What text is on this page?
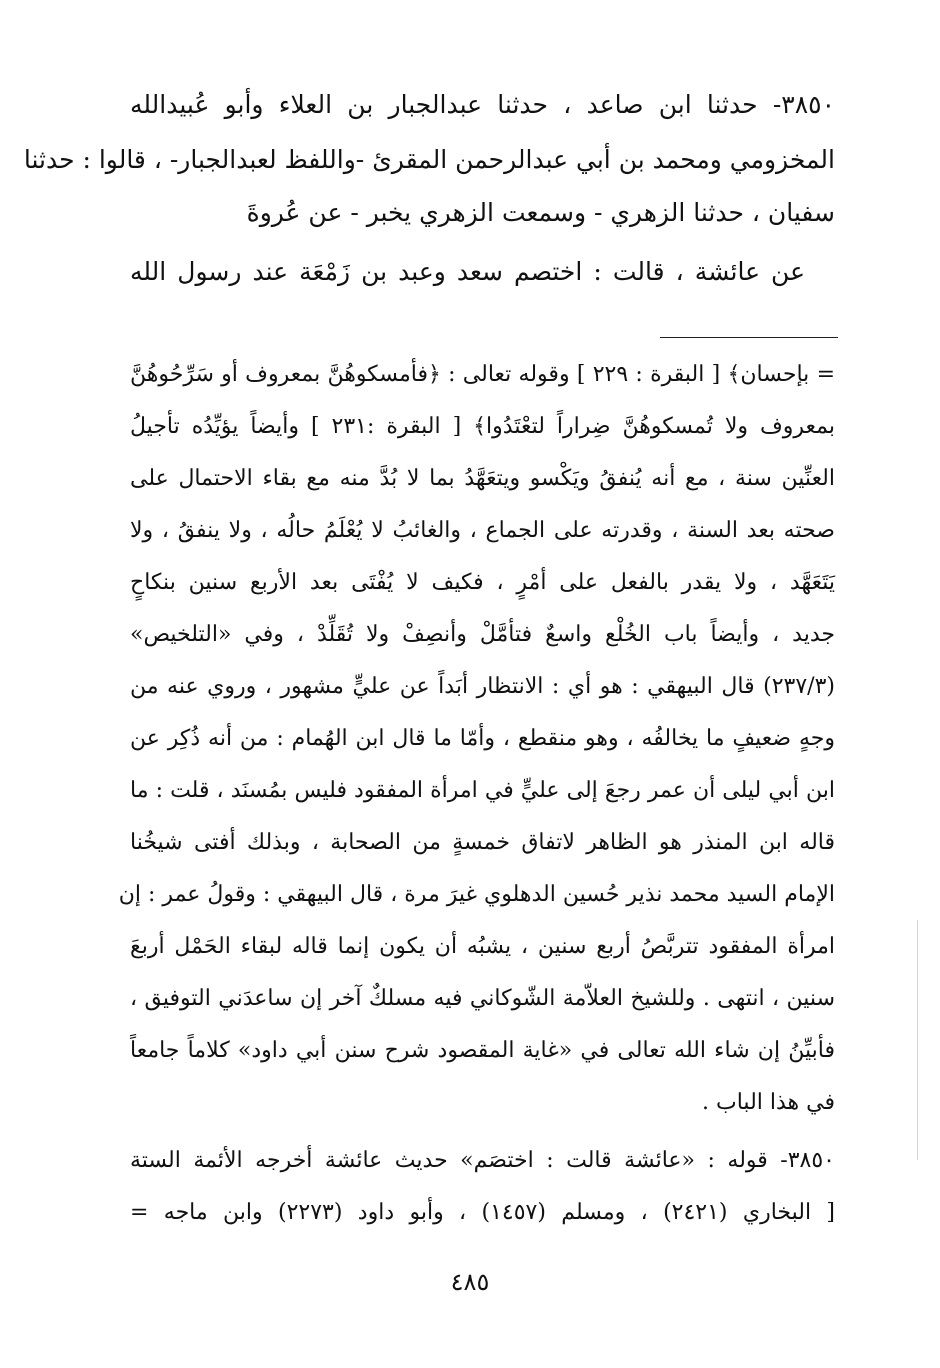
٣٨٥٠- حدثنا ابن صاعد ، حدثنا عبدالجبار بن العلاء وأبو عُبيدالله
المخزومي ومحمد بن أبي عبدالرحمن المقرئ -واللفظ لعبدالجبار- ، قالوا : حدثنا
سفيان ، حدثنا الزهري - وسمعت الزهري يخبر - عن عُروةَ
عن عائشة ، قالت : اختصم سعد وعبد بن زَمْعَة عند رسول الله
= بإحسان﴾ [ البقرة : ٢٢٩ ] وقوله تعالى : ﴿فأمسكوهُنَّ بمعروف أو سَرِّحُوهُنَّ
بمعروف ولا تُمسكوهُنَّ ضِراراً لتعْتَدُوا﴾ [ البقرة :٢٣١ ] وأيضاً يؤيِّدُه تأجيلُ
العنِّين سنة ، مع أنه يُنفقُ ويَكْسو ويتعَهَّدُ بما لا بُدَّ منه مع بقاء الاحتمال على
صحته بعد السنة ، وقدرته على الجماع ، والغائبُ لا يُعْلَمُ حالُه ، ولا ينفقُ ، ولا
يَتَعَهَّد ، ولا يقدر بالفعل على أمْرٍ ، فكيف لا يُفْتَى بعد الأربع سنين بنكاحٍ
جديد ، وأيضاً باب الخُلْع واسعٌ فتأمَّلْ وأنصِفْ ولا تُقَلِّدْ ، وفي «التلخيص»
(٢٣٧/٣) قال البيهقي : هو أي : الانتظار أبَداً عن عليٍّ مشهور ، وروي عنه من
وجهٍ ضعيفٍ ما يخالفُه ، وهو منقطع ، وأمّا ما قال ابن الهُمام : من أنه ذُكِر عن
ابن أبي ليلى أن عمر رجعَ إلى عليٍّ في امرأة المفقود فليس بمُسنَد ، قلت : ما
قاله ابن المنذر هو الظاهر لاتفاق خمسةٍ من الصحابة ، وبذلك أفتى شيخُنا
الإمام السيد محمد نذير حُسين الدهلوي غيرَ مرة ، قال البيهقي : وقولُ عمر : إن
امرأة المفقود تتربَّصُ أربع سنين ، يشبُه أن يكون إنما قاله لبقاء الحَمْل أربعَ
سنين ، انتهى . وللشيخ العلاّمة الشّوكاني فيه مسلكٌ آخر إن ساعدَني التوفيق ،
فأبيِّنُ إن شاء الله تعالى في «غاية المقصود شرح سنن أبي داود» كلاماً جامعاً
في هذا الباب .
٣٨٥٠- قوله : «عائشة قالت : اختصَم» حديث عائشة أخرجه الأئمة الستة
[ البخاري (٢٤٢١) ، ومسلم (١٤٥٧) ، وأبو داود (٢٢٧٣) وابن ماجه =
٤٨٥
